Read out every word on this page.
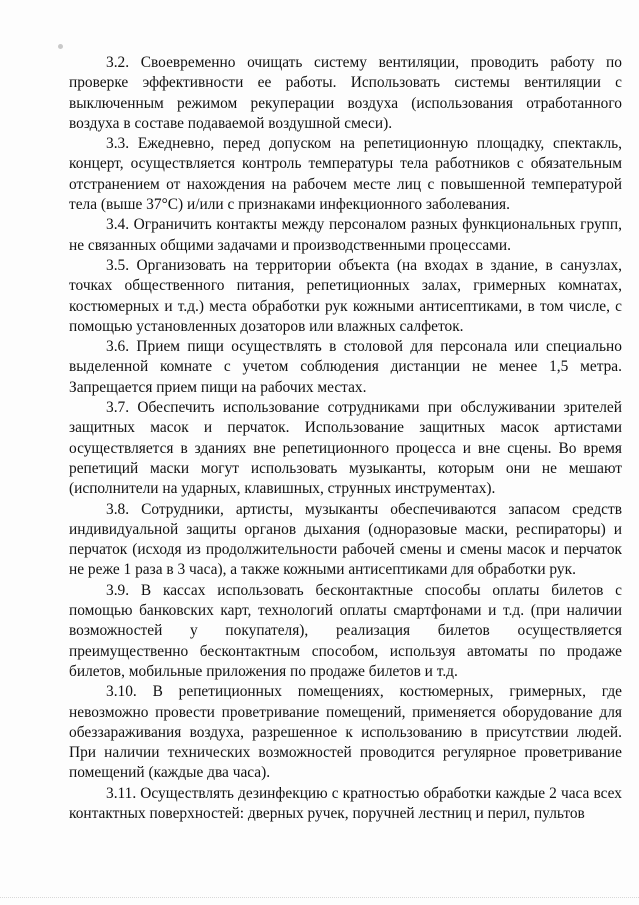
3.2. Своевременно очищать систему вентиляции, проводить работу по проверке эффективности ее работы. Использовать системы вентиляции с выключенным режимом рекуперации воздуха (использования отработанного воздуха в составе подаваемой воздушной смеси).

3.3. Ежедневно, перед допуском на репетиционную площадку, спектакль, концерт, осуществляется контроль температуры тела работников с обязательным отстранением от нахождения на рабочем месте лиц с повышенной температурой тела (выше 37°С) и/или с признаками инфекционного заболевания.

3.4. Ограничить контакты между персоналом разных функциональных групп, не связанных общими задачами и производственными процессами.

3.5. Организовать на территории объекта (на входах в здание, в санузлах, точках общественного питания, репетиционных залах, гримерных комнатах, костюмерных и т.д.) места обработки рук кожными антисептиками, в том числе, с помощью установленных дозаторов или влажных салфеток.

3.6. Прием пищи осуществлять в столовой для персонала или специально выделенной комнате с учетом соблюдения дистанции не менее 1,5 метра. Запрещается прием пищи на рабочих местах.

3.7. Обеспечить использование сотрудниками при обслуживании зрителей защитных масок и перчаток. Использование защитных масок артистами осуществляется в зданиях вне репетиционного процесса и вне сцены. Во время репетиций маски могут использовать музыканты, которым они не мешают (исполнители на ударных, клавишных, струнных инструментах).

3.8. Сотрудники, артисты, музыканты обеспечиваются запасом средств индивидуальной защиты органов дыхания (одноразовые маски, респираторы) и перчаток (исходя из продолжительности рабочей смены и смены масок и перчаток не реже 1 раза в 3 часа), а также кожными антисептиками для обработки рук.

3.9. В кассах использовать бесконтактные способы оплаты билетов с помощью банковских карт, технологий оплаты смартфонами и т.д. (при наличии возможностей у покупателя), реализация билетов осуществляется преимущественно бесконтактным способом, используя автоматы по продаже билетов, мобильные приложения по продаже билетов и т.д.

3.10. В репетиционных помещениях, костюмерных, гримерных, где невозможно провести проветривание помещений, применяется оборудование для обеззараживания воздуха, разрешенное к использованию в присутствии людей. При наличии технических возможностей проводится регулярное проветривание помещений (каждые два часа).

3.11. Осуществлять дезинфекцию с кратностью обработки каждые 2 часа всех контактных поверхностей: дверных ручек, поручней лестниц и перил, пультов
